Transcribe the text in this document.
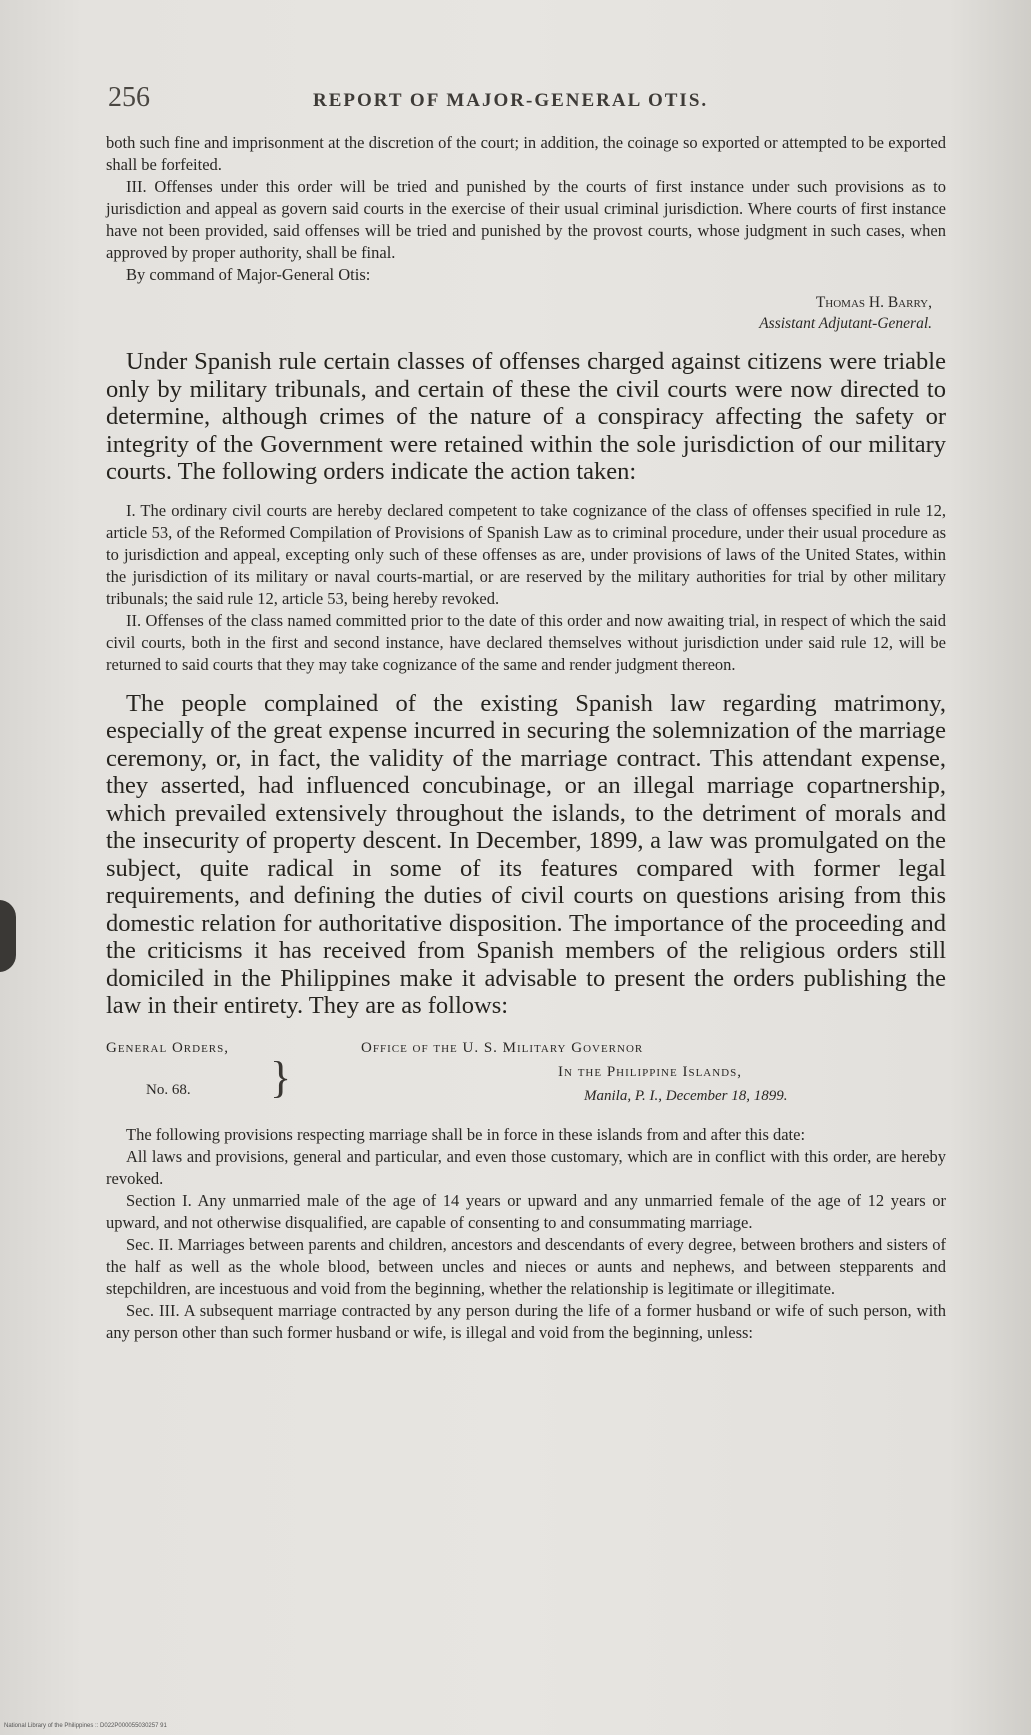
256	REPORT OF MAJOR-GENERAL OTIS.

both such fine and imprisonment at the discretion of the court; in addition, the coinage so exported or attempted to be exported shall be forfeited.

III. Offenses under this order will be tried and punished by the courts of first instance under such provisions as to jurisdiction and appeal as govern said courts in the exercise of their usual criminal jurisdiction. Where courts of first instance have not been provided, said offenses will be tried and punished by the provost courts, whose judgment in such cases, when approved by proper authority, shall be final.

By command of Major-General Otis:

Thomas H. Barry,
Assistant Adjutant-General.

Under Spanish rule certain classes of offenses charged against citizens were triable only by military tribunals, and certain of these the civil courts were now directed to determine, although crimes of the nature of a conspiracy affecting the safety or integrity of the Government were retained within the sole jurisdiction of our military courts. The following orders indicate the action taken:

I. The ordinary civil courts are hereby declared competent to take cognizance of the class of offenses specified in rule 12, article 53, of the Reformed Compilation of Provisions of Spanish Law as to criminal procedure, under their usual procedure as to jurisdiction and appeal, excepting only such of these offenses as are, under provisions of laws of the United States, within the jurisdiction of its military or naval courts-martial, or are reserved by the military authorities for trial by other military tribunals; the said rule 12, article 53, being hereby revoked.

II. Offenses of the class named committed prior to the date of this order and now awaiting trial, in respect of which the said civil courts, both in the first and second instance, have declared themselves without jurisdiction under said rule 12, will be returned to said courts that they may take cognizance of the same and render judgment thereon.

The people complained of the existing Spanish law regarding matrimony, especially of the great expense incurred in securing the solemnization of the marriage ceremony, or, in fact, the validity of the marriage contract. This attendant expense, they asserted, had influenced concubinage, or an illegal marriage copartnership, which prevailed extensively throughout the islands, to the detriment of morals and the insecurity of property descent. In December, 1899, a law was promulgated on the subject, quite radical in some of its features compared with former legal requirements, and defining the duties of civil courts on questions arising from this domestic relation for authoritative disposition. The importance of the proceeding and the criticisms it has received from Spanish members of the religious orders still domiciled in the Philippines make it advisable to present the orders publishing the law in their entirety. They are as follows:

General Orders,
No. 68. }
Office of the U. S. Military Governor
In the Philippine Islands,
Manila, P. I., December 18, 1899.

The following provisions respecting marriage shall be in force in these islands from and after this date:

All laws and provisions, general and particular, and even those customary, which are in conflict with this order, are hereby revoked.

Section I. Any unmarried male of the age of 14 years or upward and any unmarried female of the age of 12 years or upward, and not otherwise disqualified, are capable of consenting to and consummating marriage.

Sec. II. Marriages between parents and children, ancestors and descendants of every degree, between brothers and sisters of the half as well as the whole blood, between uncles and nieces or aunts and nephews, and between stepparents and stepchildren, are incestuous and void from the beginning, whether the relationship is legitimate or illegitimate.

Sec. III. A subsequent marriage contracted by any person during the life of a former husband or wife of such person, with any person other than such former husband or wife, is illegal and void from the beginning, unless:

National Library of the Philippines :: D022P000055030257 91
